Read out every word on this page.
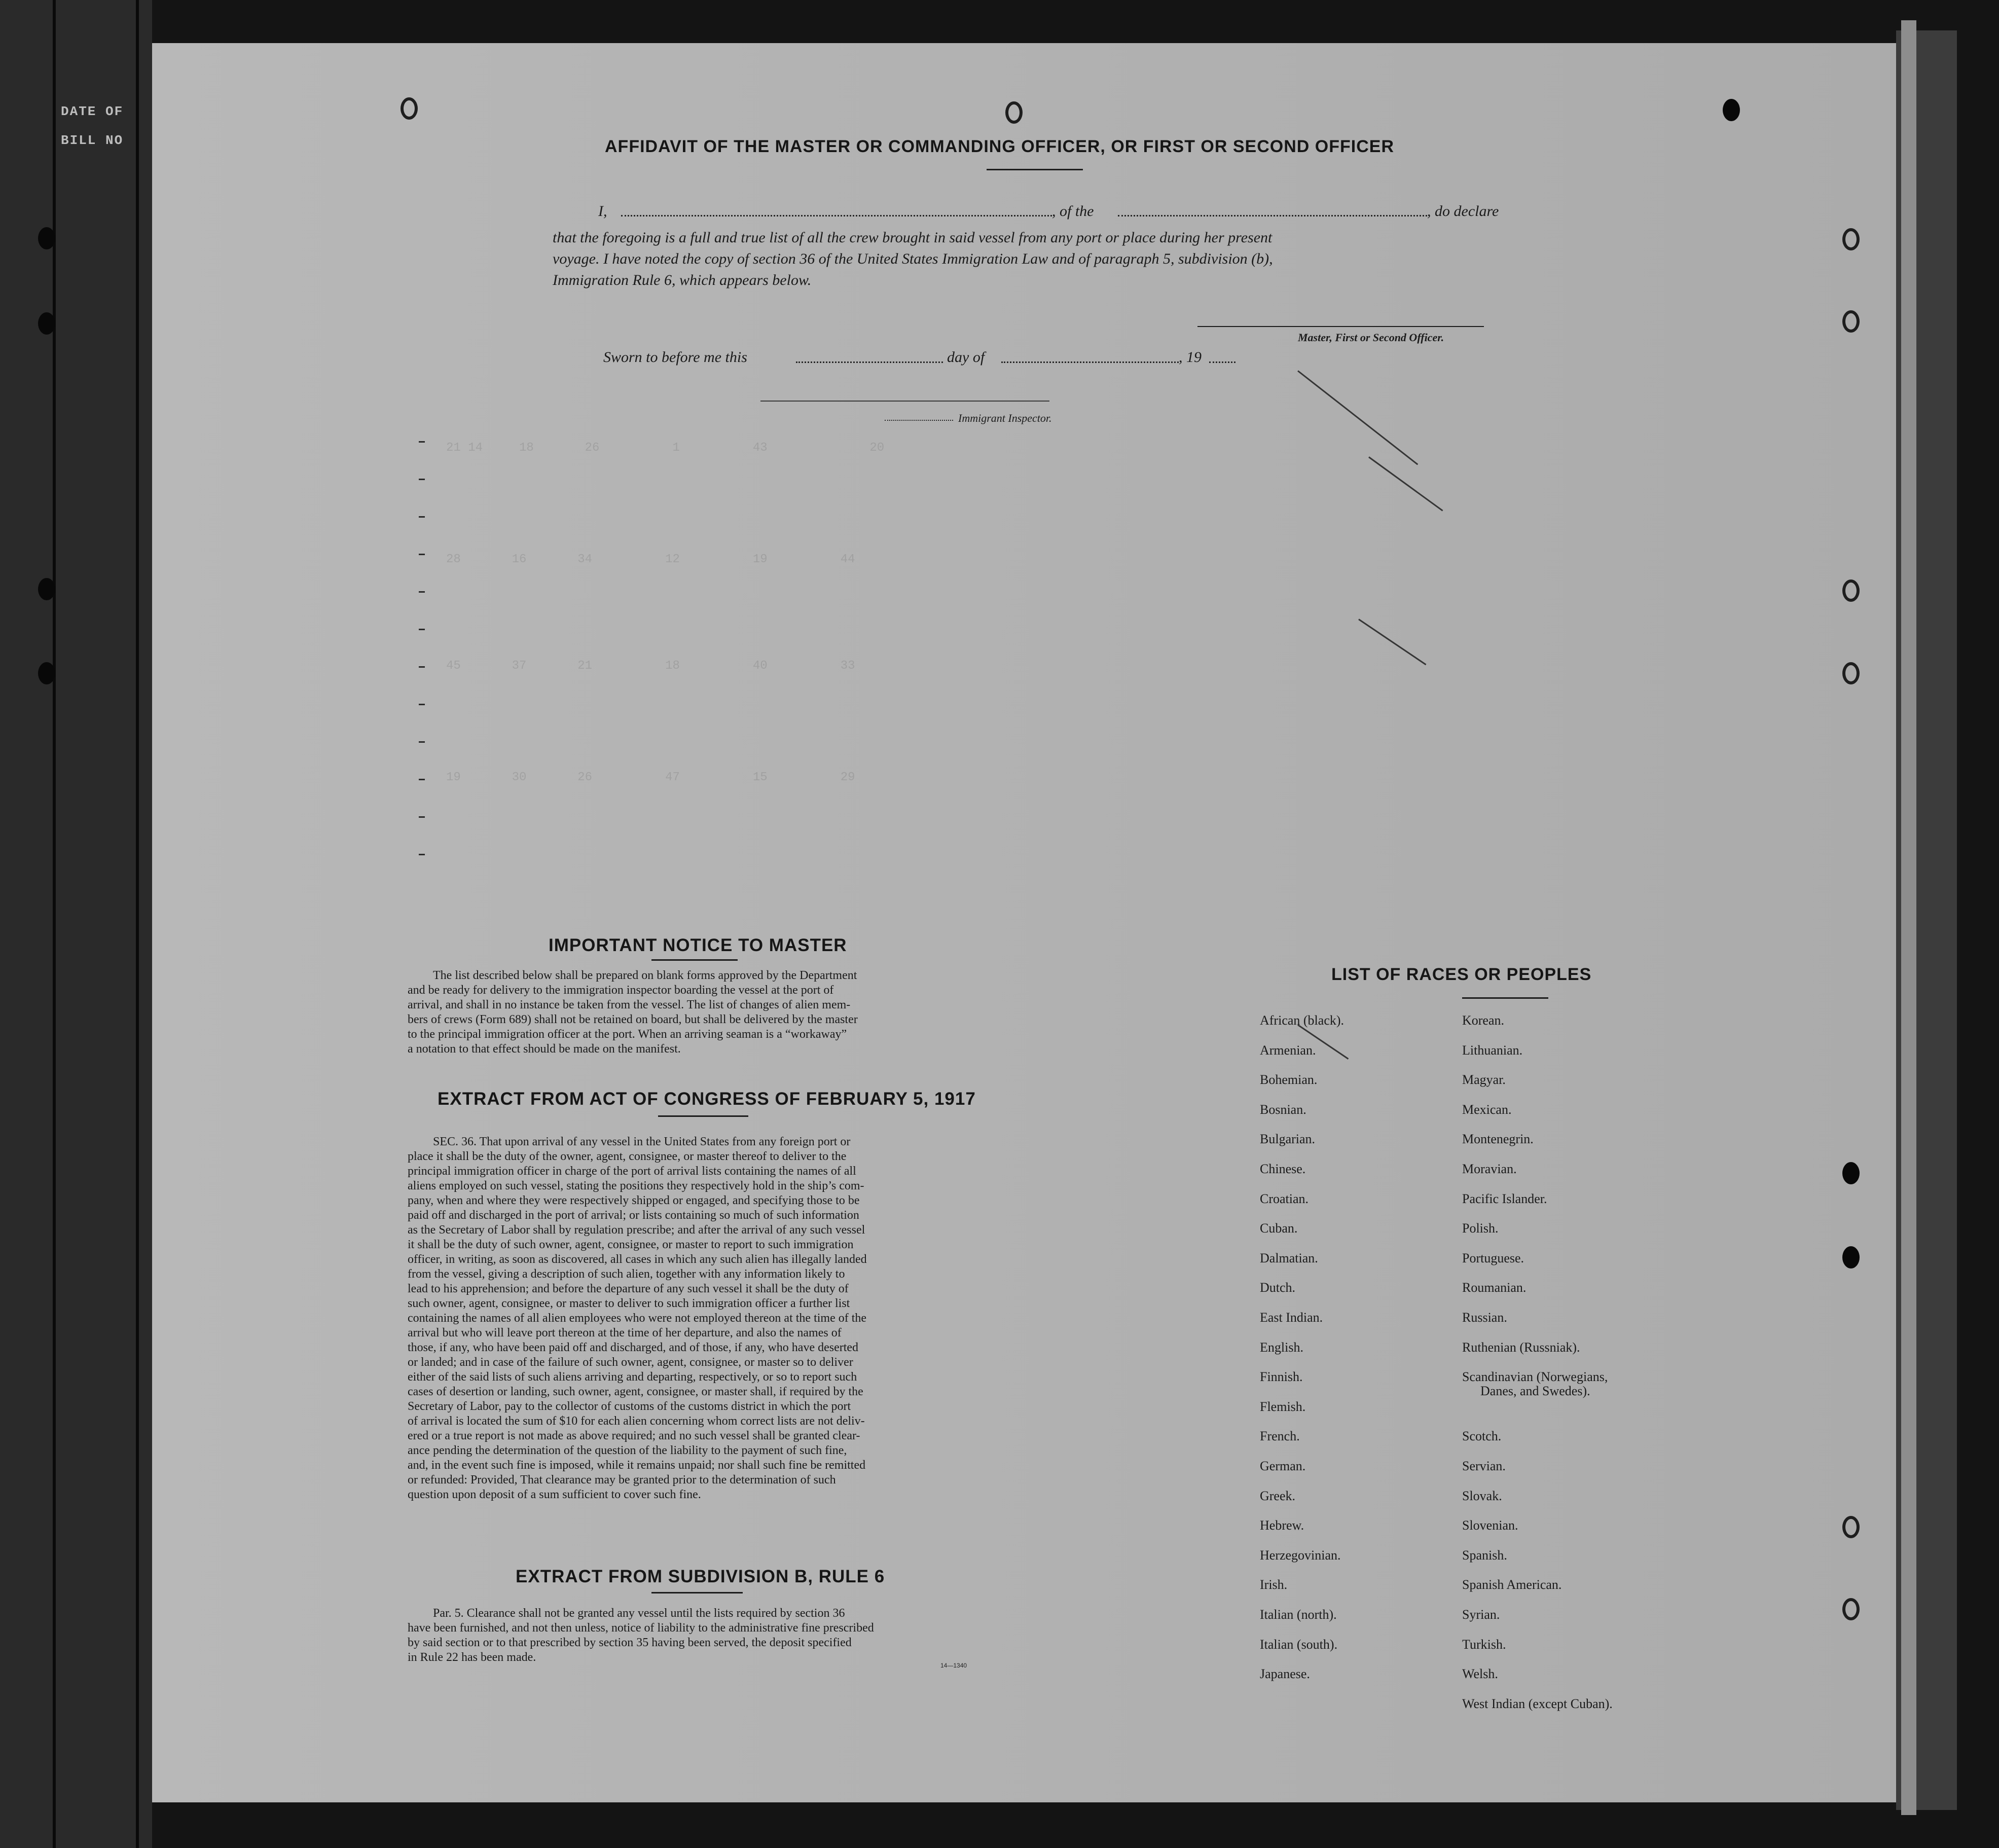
DATE OF
BILL NO
21 14     18       26          1          43              20
28       16       34          12          19          44
45       37       21          18          40          33
19       30       26          47          15          29
AFFIDAVIT OF THE MASTER OR COMMANDING OFFICER, OR FIRST OR SECOND OFFICER
I,	, of the	, do declare
that the foregoing is a full and true list of all the crew brought in said vessel from any port or place during her present
voyage. I have noted the copy of section 36 of the United States Immigration Law and of paragraph 5, subdivision (b),
Immigration Rule 6, which appears below.
Master, First or Second Officer.
Sworn to before me this	day of	, 19
Immigrant Inspector.
IMPORTANT NOTICE TO MASTER
The list described below shall be prepared on blank forms approved by the Department
and be ready for delivery to the immigration inspector boarding the vessel at the port of
arrival, and shall in no instance be taken from the vessel. The list of changes of alien mem-
bers of crews (Form 689) shall not be retained on board, but shall be delivered by the master
to the principal immigration officer at the port. When an arriving seaman is a “workaway”
a notation to that effect should be made on the manifest.
EXTRACT FROM ACT OF CONGRESS OF FEBRUARY 5, 1917
SEC. 36. That upon arrival of any vessel in the United States from any foreign port or
place it shall be the duty of the owner, agent, consignee, or master thereof to deliver to the
principal immigration officer in charge of the port of arrival lists containing the names of all
aliens employed on such vessel, stating the positions they respectively hold in the ship’s com-
pany, when and where they were respectively shipped or engaged, and specifying those to be
paid off and discharged in the port of arrival; or lists containing so much of such information
as the Secretary of Labor shall by regulation prescribe; and after the arrival of any such vessel
it shall be the duty of such owner, agent, consignee, or master to report to such immigration
officer, in writing, as soon as discovered, all cases in which any such alien has illegally landed
from the vessel, giving a description of such alien, together with any information likely to
lead to his apprehension; and before the departure of any such vessel it shall be the duty of
such owner, agent, consignee, or master to deliver to such immigration officer a further list
containing the names of all alien employees who were not employed thereon at the time of the
arrival but who will leave port thereon at the time of her departure, and also the names of
those, if any, who have been paid off and discharged, and of those, if any, who have deserted
or landed; and in case of the failure of such owner, agent, consignee, or master so to deliver
either of the said lists of such aliens arriving and departing, respectively, or so to report such
cases of desertion or landing, such owner, agent, consignee, or master shall, if required by the
Secretary of Labor, pay to the collector of customs of the customs district in which the port
of arrival is located the sum of $10 for each alien concerning whom correct lists are not deliv-
ered or a true report is not made as above required; and no such vessel shall be granted clear-
ance pending the determination of the question of the liability to the payment of such fine,
and, in the event such fine is imposed, while it remains unpaid; nor shall such fine be remitted
or refunded: Provided, That clearance may be granted prior to the determination of such
question upon deposit of a sum sufficient to cover such fine.
EXTRACT FROM SUBDIVISION B, RULE 6
Par. 5. Clearance shall not be granted any vessel until the lists required by section 36
have been furnished, and not then unless, notice of liability to the administrative fine prescribed
by said section or to that prescribed by section 35 having been served, the deposit specified
in Rule 22 has been made.
14—1340
LIST OF RACES OR PEOPLES
African (black).
Armenian.
Bohemian.
Bosnian.
Bulgarian.
Chinese.
Croatian.
Cuban.
Dalmatian.
Dutch.
East Indian.
English.
Finnish.
Flemish.
French.
German.
Greek.
Hebrew.
Herzegovinian.
Irish.
Italian (north).
Italian (south).
Japanese.
Korean.
Lithuanian.
Magyar.
Mexican.
Montenegrin.
Moravian.
Pacific Islander.
Polish.
Portuguese.
Roumanian.
Russian.
Ruthenian (Russniak).
Scandinavian (Norwegians,
Danes, and Swedes).
Scotch.
Servian.
Slovak.
Slovenian.
Spanish.
Spanish American.
Syrian.
Turkish.
Welsh.
West Indian (except Cuban).
